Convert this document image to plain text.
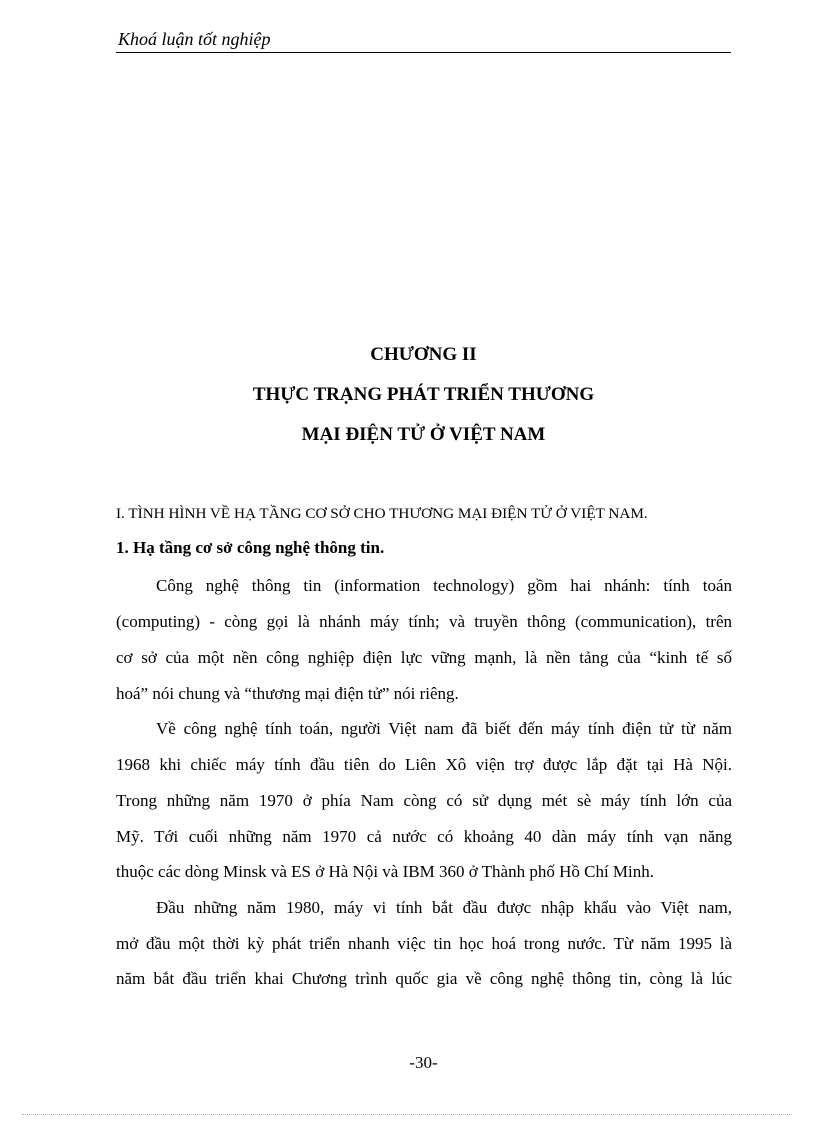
Khoá luận tốt nghiệp
CHƯƠNG II
THỰC TRẠNG PHÁT TRIỂN THƯƠNG
MẠI ĐIỆN TỬ Ở VIỆT NAM
I. TÌNH HÌNH VỀ HẠ TẦNG CƠ SỞ CHO THƯƠNG MẠI ĐIỆN TỬ Ở VIỆT NAM.
1. Hạ tầng cơ sở công nghệ thông tin.
Công nghệ thông tin (information technology) gồm hai nhánh: tính toán
(computing) - còng gọi là nhánh máy tính; và truyền thông (communication), trên
cơ sở của một nền công nghiệp điện lực vững mạnh, là nền tảng của “kinh tế số
hoá” nói chung và “thương mại điện tử” nói riêng.
Về công nghệ tính toán, người Việt nam đã biết đến máy tính điện tử từ năm
1968 khi chiếc máy tính đầu tiên do Liên Xô viện trợ được lắp đặt tại Hà Nội.
Trong những năm 1970 ở phía Nam còng có sử dụng mét sè máy tính lớn của
Mỹ. Tới cuối những năm 1970 cả nước có khoảng 40 dàn máy tính vạn năng
thuộc các dòng Minsk và ES ở Hà Nội và IBM 360 ở Thành phố Hồ Chí Minh.
Đầu những năm 1980, máy vi tính bắt đầu được nhập khẩu vào Việt nam,
mở đầu một thời kỳ phát triển nhanh việc tin học hoá trong nước. Từ năm 1995 là
năm bắt đầu triển khai Chương trình quốc gia về công nghệ thông tin, còng là lúc
-30-
